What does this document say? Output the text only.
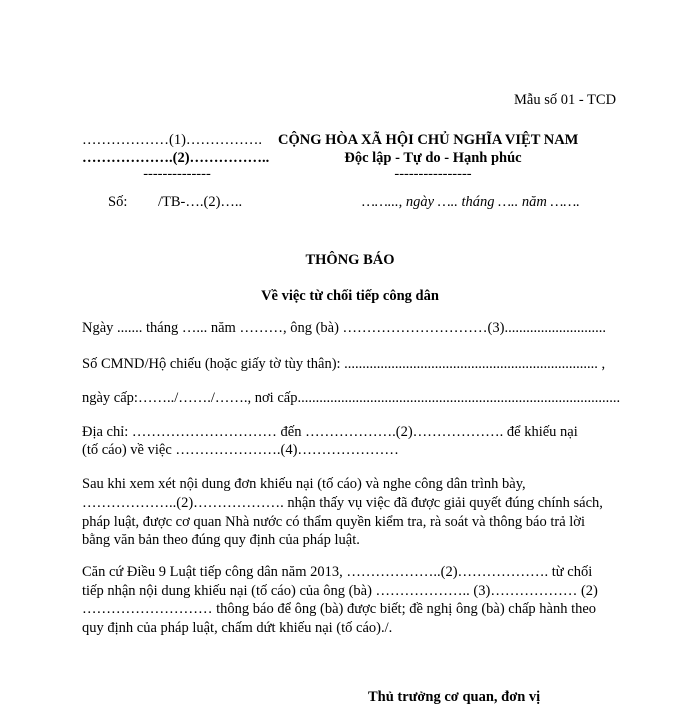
Mẫu số 01 - TCD
………………(1)…………….
……………….(2)……………..
--------------
CỘNG HÒA XÃ HỘI CHỦ NGHĨA VIỆT NAM
Độc lập - Tự do - Hạnh phúc
----------------
Số: /TB-….(2)…..	……..., ngày ….. tháng ….. năm …….
THÔNG BÁO
Về việc từ chối tiếp công dân
Ngày ....... tháng …... năm ………, ông (bà) …………………………(3)............................
Số CMND/Hộ chiếu (hoặc giấy tờ tùy thân): ...................................................................... ,
ngày cấp:……../……./……., nơi cấp.........................................................................................
Địa chỉ: ………………………… đến ……………….(2)………………. để khiếu nại
(tố cáo) về việc ………………….(4)…………………
Sau khi xem xét nội dung đơn khiếu nại (tố cáo) và nghe công dân trình bày,
………………..(2)………………. nhận thấy vụ việc đã được giải quyết đúng chính sách,
pháp luật, được cơ quan Nhà nước có thẩm quyền kiểm tra, rà soát và thông báo trả lời
bằng văn bản theo đúng quy định của pháp luật.
Căn cứ Điều 9 Luật tiếp công dân năm 2013, ………………..(2)………………. từ chối
tiếp nhận nội dung khiếu nại (tố cáo) của ông (bà) ……………….. (3)……………… (2)
……………………… thông báo để ông (bà) được biết; đề nghị ông (bà) chấp hành theo
quy định của pháp luật, chấm dứt khiếu nại (tố cáo)./.
Thủ trưởng cơ quan, đơn vị
